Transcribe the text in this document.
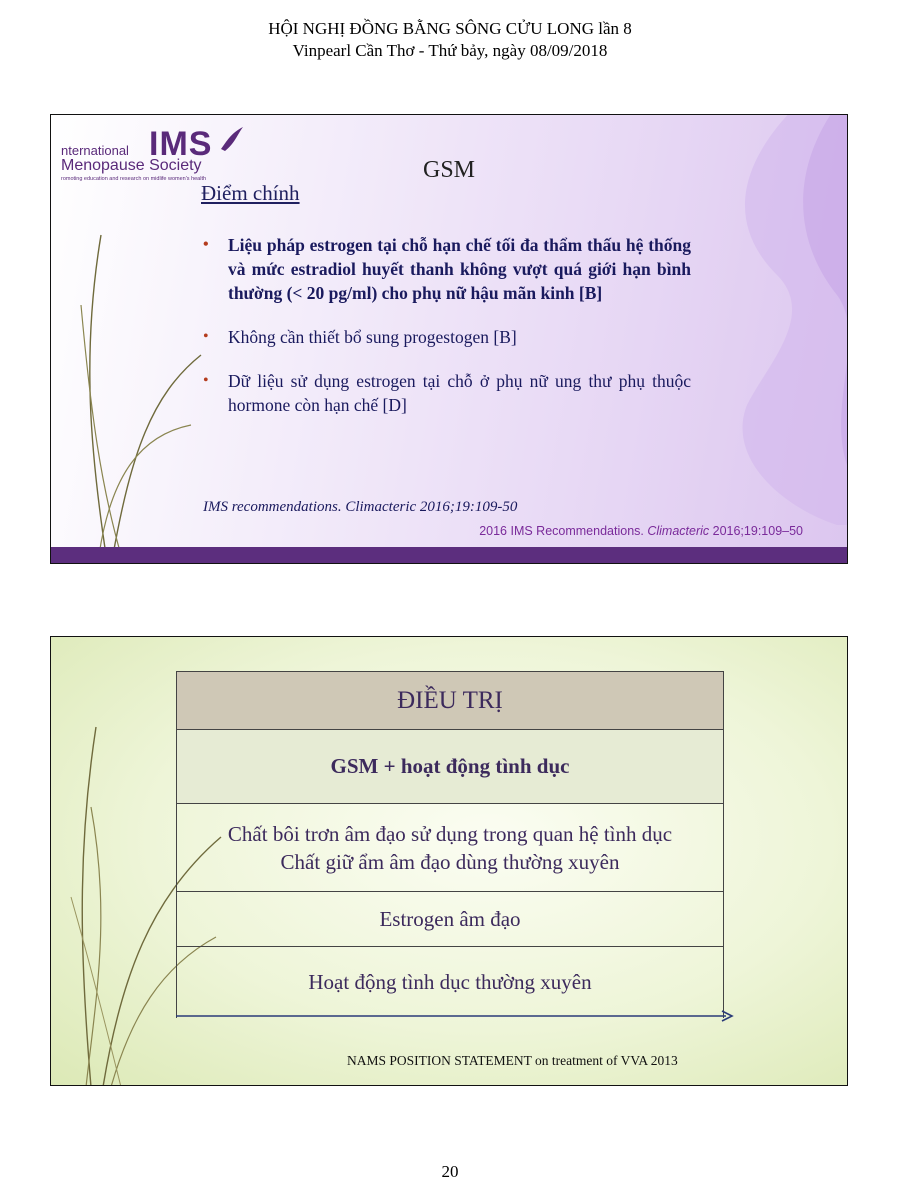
HỘI NGHỊ ĐỒNG BẰNG SÔNG CỬU LONG lần 8
Vinpearl Cần Thơ - Thứ bảy, ngày 08/09/2018
nternational IMS
Menopause Society
romoting education and research on midlife women's health	GSM
Điểm chính
• Liệu pháp estrogen tại chỗ hạn chế tối đa thẩm thấu hệ thống và mức estradiol huyết thanh không vượt quá giới hạn bình thường (< 20 pg/ml) cho phụ nữ hậu mãn kinh [B]
• Không cần thiết bổ sung progestogen [B]
• Dữ liệu sử dụng estrogen tại chỗ ở phụ nữ ung thư phụ thuộc hormone còn hạn chế [D]
IMS recommendations. Climacteric 2016;19:109-50
2016 IMS Recommendations. Climacteric 2016;19:109–50
ĐIỀU TRỊ
GSM + hoạt động tình dục
Chất bôi trơn âm đạo sử dụng trong quan hệ tình dục
Chất giữ ẩm âm đạo dùng thường xuyên
Estrogen âm đạo
Hoạt động tình dục thường xuyên
NAMS POSITION STATEMENT on treatment of VVA 2013
20
